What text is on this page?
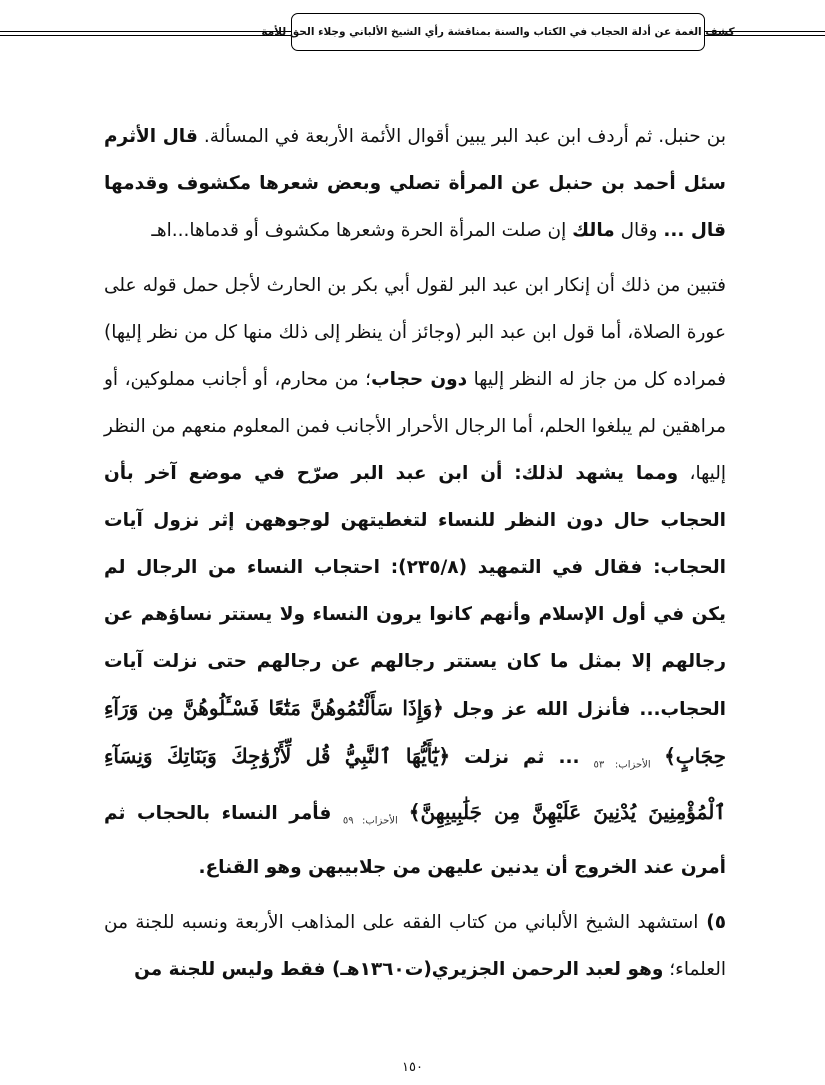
كشف الغمة عن أدلة الحجاب في الكتاب والسنة بمناقشة رأي الشيخ الألباني وجلاء الحق للأمة

بن حنبل. ثم أردف ابن عبد البر يبين أقوال الأئمة الأربعة في المسألة. قال الأثرم سئل أحمد بن حنبل عن المرأة تصلي وبعض شعرها مكشوف وقدمها قال ... وقال مالك إن صلت المرأة الحرة وشعرها مكشوف أو قدماها...اهـ

فتبين من ذلك أن إنكار ابن عبد البر لقول أبي بكر بن الحارث لأجل حمل قوله على عورة الصلاة، أما قول ابن عبد البر (وجائز أن ينظر إلى ذلك منها كل من نظر إليها) فمراده كل من جاز له النظر إليها دون حجاب؛ من محارم، أو أجانب مملوكين، أو مراهقين لم يبلغوا الحلم، أما الرجال الأحرار الأجانب فمن المعلوم منعهم من النظر إليها، ومما يشهد لذلك: أن ابن عبد البر صرّح في موضع آخر بأن الحجاب حال دون النظر للنساء لتغطيتهن لوجوههن إثر نزول آيات الحجاب: فقال في التمهيد (٢٣٥/٨): احتجاب النساء من الرجال لم يكن في أول الإسلام وأنهم كانوا يرون النساء ولا يستتر نساؤهم عن رجالهم إلا بمثل ما كان يستتر رجالهم عن رجالهم حتى نزلت آيات الحجاب... فأنزل الله عز وجل ﴿وَإِذَا سَأَلْتُمُوهُنَّ مَتَٰعًا فَسْـَٔلُوهُنَّ مِن وَرَآءِ حِجَابٍ﴾ $_{الأحزاب: ٥٣}$ ... ثم نزلت ﴿يَٰٓأَيُّهَا ٱلنَّبِيُّ قُل لِّأَزْوَٰجِكَ وَبَنَاتِكَ وَنِسَآءِ ٱلْمُؤْمِنِينَ يُدْنِينَ عَلَيْهِنَّ مِن جَلَٰبِيبِهِنَّ﴾ $_{الأحزاب: ٥٩}$ فأمر النساء بالحجاب ثم أمرن عند الخروج أن يدنين عليهن من جلابيبهن وهو القناع.

٥) استشهد الشيخ الألباني من كتاب الفقه على المذاهب الأربعة ونسبه للجنة من العلماء؛ وهو لعبد الرحمن الجزيري(ت١٣٦٠هـ) فقط وليس للجنة من

١٥٠
